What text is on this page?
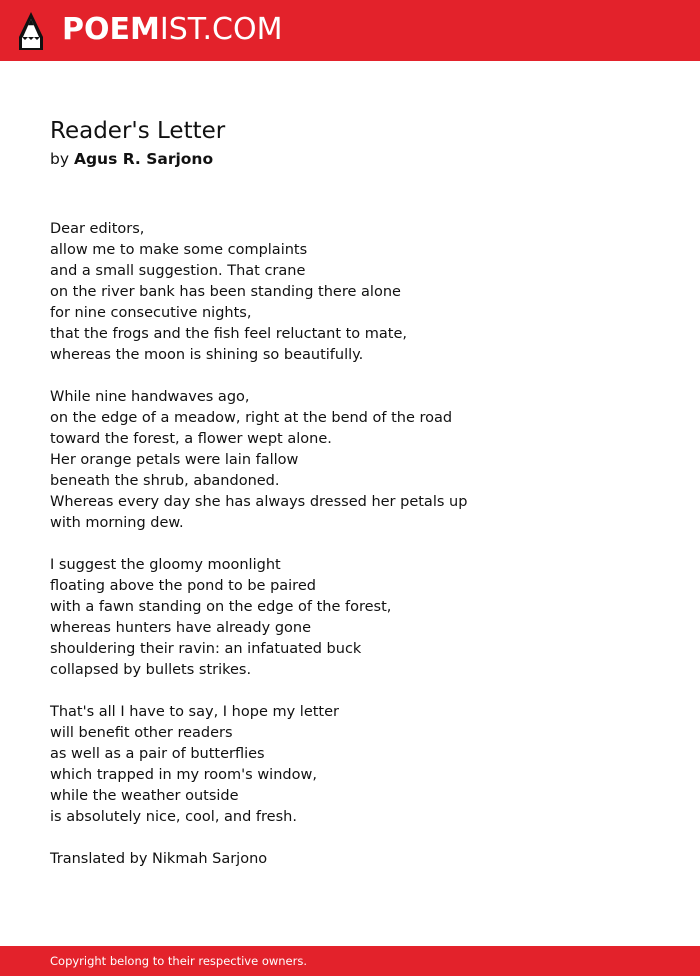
POEMIST.COM
Reader's Letter
by Agus R. Sarjono
Dear editors,
allow me to make some complaints
and a small suggestion. That crane
on the river bank has been standing there alone
for nine consecutive nights,
that the frogs and the fish feel reluctant to mate,
whereas the moon is shining so beautifully.
While nine handwaves ago,
on the edge of a meadow, right at the bend of the road
toward the forest, a flower wept alone.
Her orange petals were lain fallow
beneath the shrub, abandoned.
Whereas every day she has always dressed her petals up
with morning dew.
I suggest the gloomy moonlight
floating above the pond to be paired
with a fawn standing on the edge of the forest,
whereas hunters have already gone
shouldering their ravin: an infatuated buck
collapsed by bullets strikes.
That's all I have to say, I hope my letter
will benefit other readers
as well as a pair of butterflies
which trapped in my room's window,
while the weather outside
is absolutely nice, cool, and fresh.
Translated by Nikmah Sarjono
Copyright belong to their respective owners.
